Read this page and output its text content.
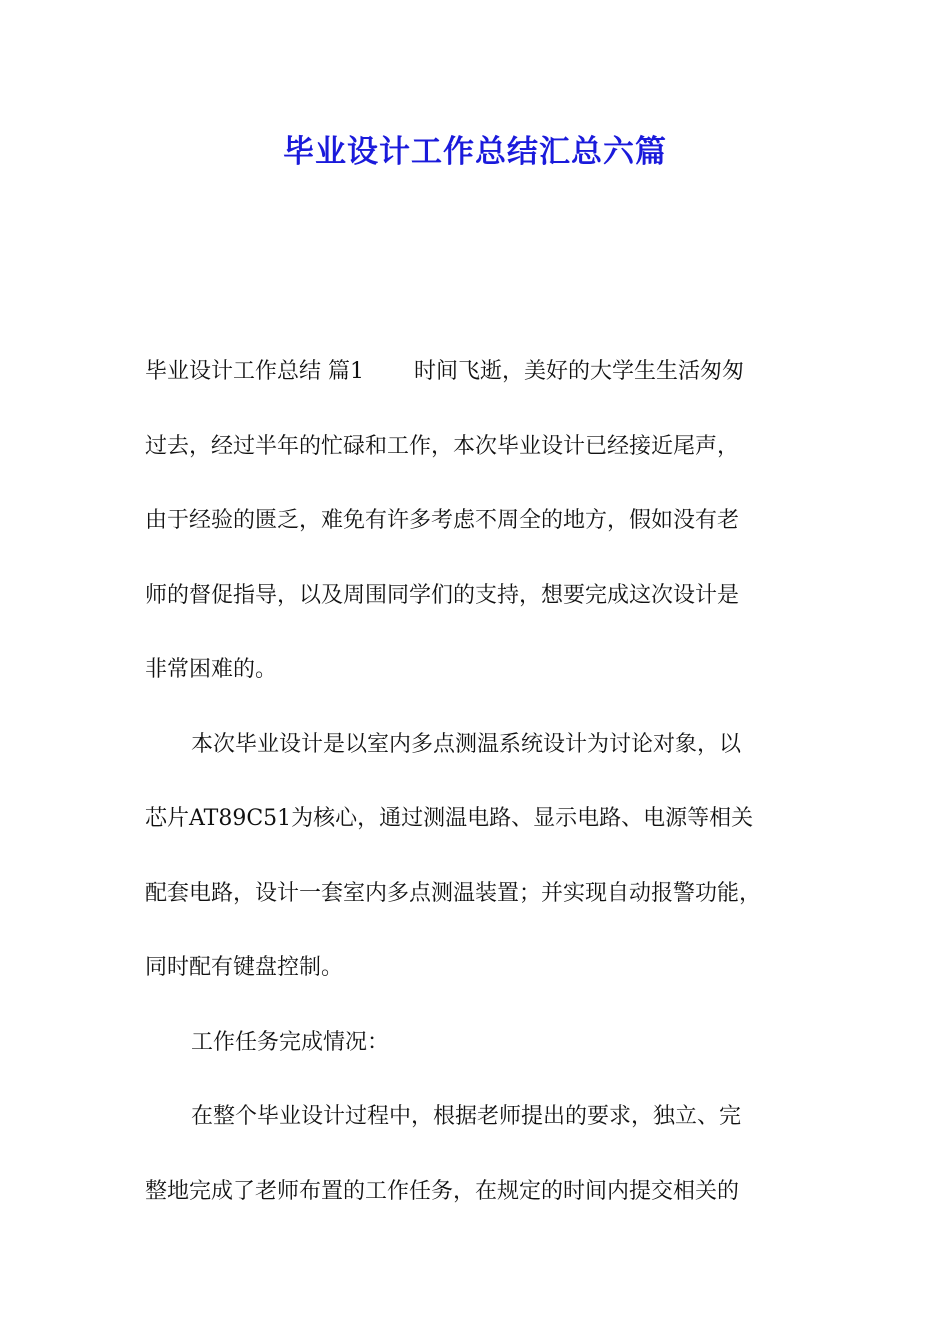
毕业设计工作总结汇总六篇
毕业设计工作总结 篇1 时间飞逝，美好的大学生生活匆匆
过去，经过半年的忙碌和工作，本次毕业设计已经接近尾声，
由于经验的匮乏，难免有许多考虑不周全的地方，假如没有老
师的督促指导，以及周围同学们的支持，想要完成这次设计是
非常困难的。
本次毕业设计是以室内多点测温系统设计为讨论对象，以
芯片AT89C51为核心，通过测温电路、显示电路、电源等相关
配套电路，设计一套室内多点测温装置；并实现自动报警功能，
同时配有键盘控制。
工作任务完成情况：
在整个毕业设计过程中，根据老师提出的要求，独立、完
整地完成了老师布置的工作任务，在规定的时间内提交相关的
